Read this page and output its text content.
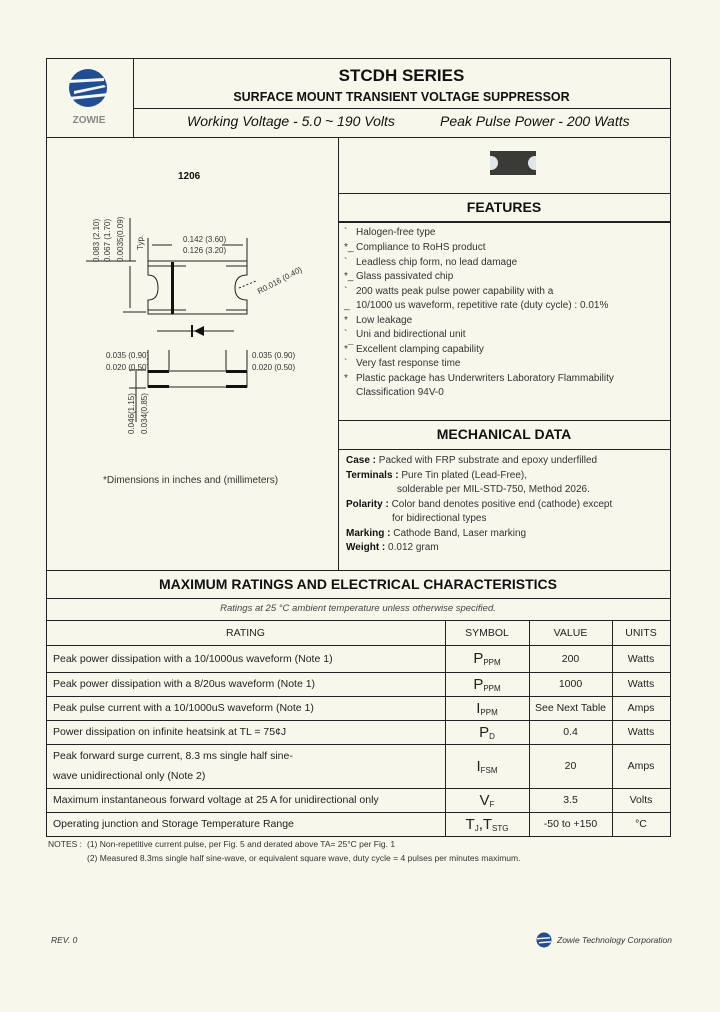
ZOWIE
STCDH SERIES
SURFACE MOUNT TRANSIENT VOLTAGE SUPPRESSOR
Working Voltage - 5.0 ~ 190 Volts	Peak Pulse Power - 200 Watts
1206
0.142 (3.60)
0.126 (3.20)
0.083 (2.10) 0.067 (1.70) 0.0035(0.09) Typ.
R0.016 (0.40)
0.035 (0.90)
0.020 (0.50)
0.035 (0.90)
0.020 (0.50)
0.046(1.15) 0.034(0.85)
*Dimensions in inches and (millimeters)
FEATURES
` Halogen-free type
*_ Compliance to RoHS product
` Leadless chip form, no lead damage
*_ Glass passivated chip
` 200 watts peak pulse power capability with a
_ 10/1000 us waveform, repetitive rate (duty cycle) : 0.01%
* Low leakage
` Uni and bidirectional unit
*¯ Excellent clamping capability
` Very fast response time
* Plastic package has Underwriters Laboratory Flammability
Classification 94V-0
MECHANICAL DATA
Case : Packed with FRP substrate and epoxy underfilled
Terminals : Pure Tin plated (Lead-Free),
solderable per MIL-STD-750, Method 2026.
Polarity : Color band denotes positive end (cathode) except
for bidirectional types
Marking : Cathode Band, Laser marking
Weight : 0.012 gram
MAXIMUM RATINGS AND ELECTRICAL CHARACTERISTICS
Ratings at 25 °C ambient temperature unless otherwise specified.
RATING	SYMBOL	VALUE	UNITS
Peak power dissipation with a 10/1000us waveform (Note 1)	$P_{PPM}$	200	Watts
Peak power dissipation with a 8/20us waveform (Note 1)	$P_{PPM}$	1000	Watts
Peak pulse current with a 10/1000uS waveform (Note 1)	$I_{PPM}$	See Next Table	Amps
Power dissipation on infinite heatsink at TL = 75¢J	$P_D$	0.4	Watts
Peak forward surge current, 8.3 ms single half sine-
wave unidirectional only (Note 2)
$I_{FSM}$	20	Amps
Maximum instantaneous forward voltage at 25 A for unidirectional only	$V_F$	3.5	Volts
Operating junction and Storage Temperature Range	$T_J,T_{STG}$	-50 to +150	°C
NOTES : (1) Non-repetitive current pulse, per Fig. 5 and derated above TA= 25°C per Fig. 1
(2) Measured 8.3ms single half sine-wave, or equivalent square wave, duty cycle = 4 pulses per minutes maximum.
REV. 0	Zowie Technology Corporation
